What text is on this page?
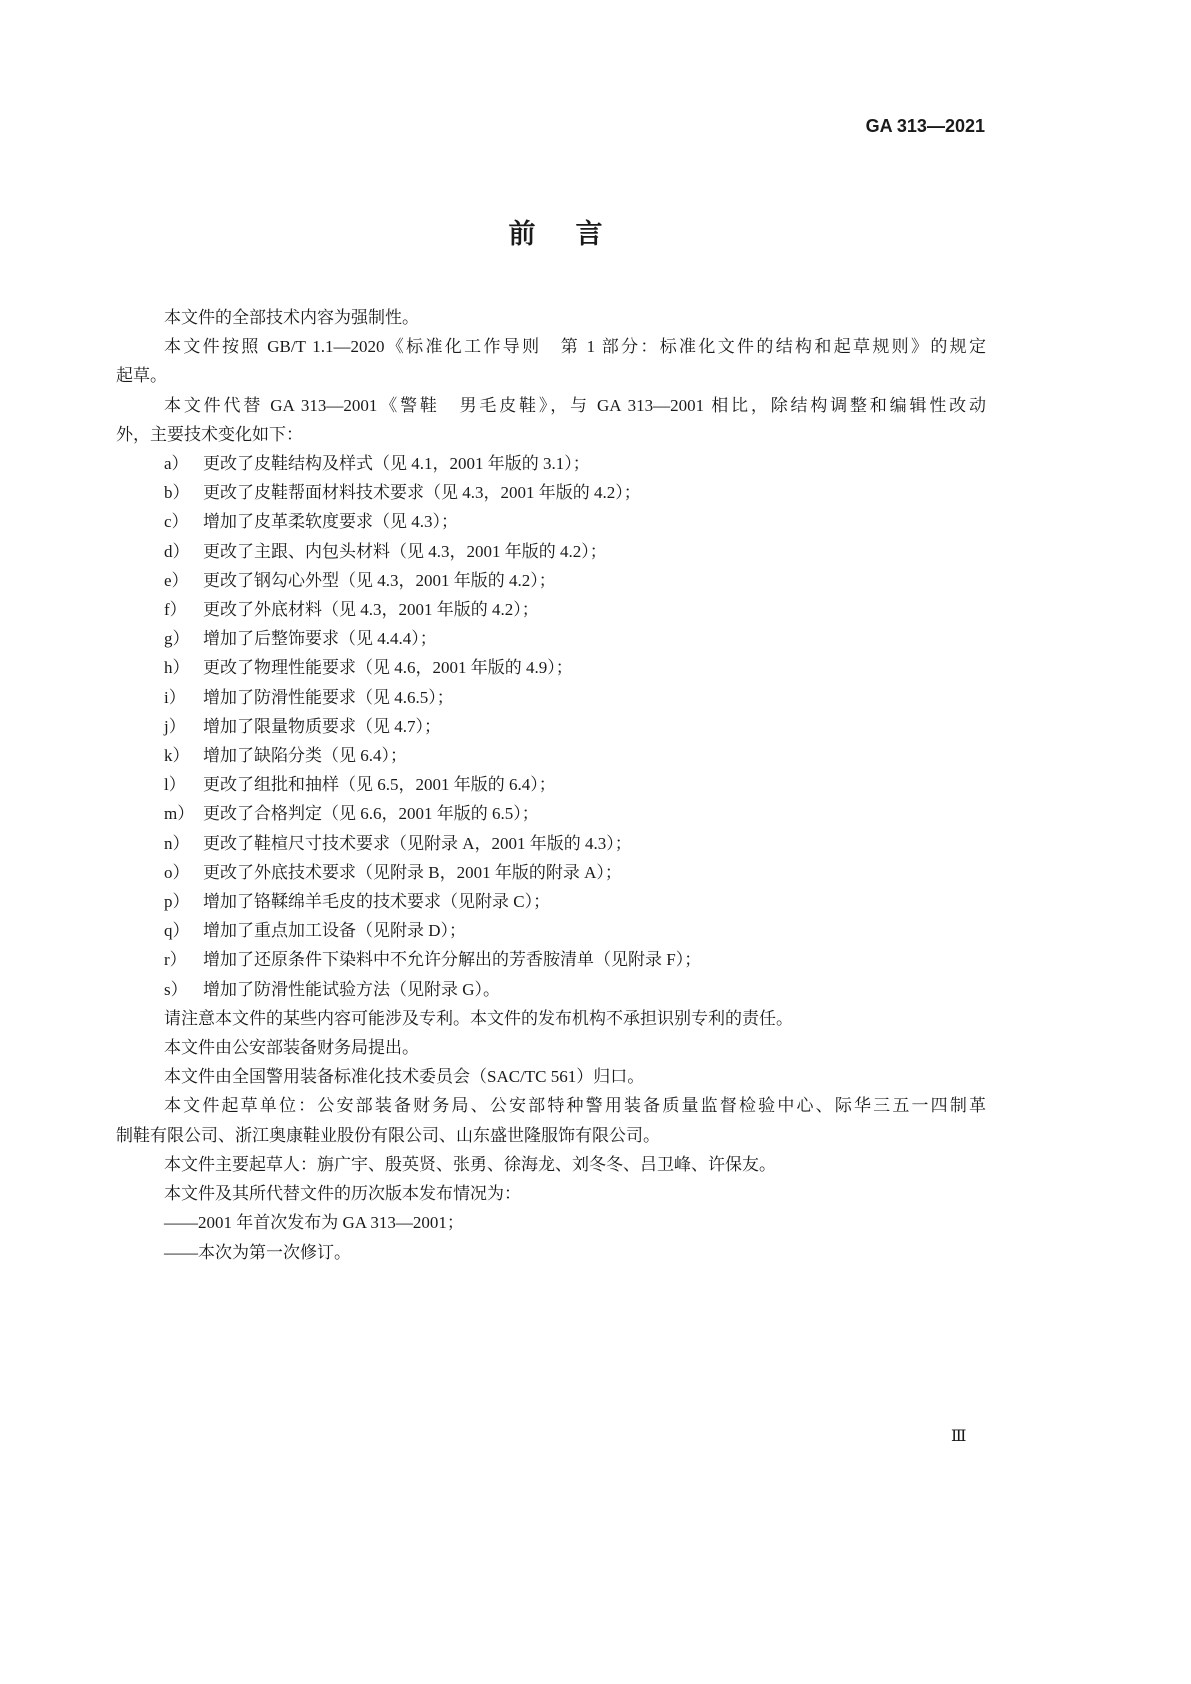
GA 313—2021
前言

本文件的全部技术内容为强制性。

本文件按照 GB/T 1.1—2020《标准化工作导则　第 1 部分：标准化文件的结构和起草规则》的规定
起草。

本文件代替 GA 313—2001《警鞋　男毛皮鞋》，与 GA 313—2001 相比，除结构调整和编辑性改动
外，主要技术变化如下：

a） 更改了皮鞋结构及样式（见 4.1，2001 年版的 3.1）；
b） 更改了皮鞋帮面材料技术要求（见 4.3，2001 年版的 4.2）；
c） 增加了皮革柔软度要求（见 4.3）；
d） 更改了主跟、内包头材料（见 4.3，2001 年版的 4.2）；
e） 更改了钢勾心外型（见 4.3，2001 年版的 4.2）；
f） 更改了外底材料（见 4.3，2001 年版的 4.2）；
g） 增加了后整饰要求（见 4.4.4）；
h） 更改了物理性能要求（见 4.6，2001 年版的 4.9）；
i）	增加了防滑性能要求（见 4.6.5）；
j）	增加了限量物质要求（见 4.7）；
k） 增加了缺陷分类（见 6.4）；
l）	更改了组批和抽样（见 6.5，2001 年版的 6.4）；
m） 更改了合格判定（见 6.6，2001 年版的 6.5）；
n） 更改了鞋楦尺寸技术要求（见附录 A，2001 年版的 4.3）；
o） 更改了外底技术要求（见附录 B，2001 年版的附录 A）；
p） 增加了铬鞣绵羊毛皮的技术要求（见附录 C）；
q） 增加了重点加工设备（见附录 D）；
r） 增加了还原条件下染料中不允许分解出的芳香胺清单（见附录 F）；
s） 增加了防滑性能试验方法（见附录 G）。

请注意本文件的某些内容可能涉及专利。本文件的发布机构不承担识别专利的责任。

本文件由公安部装备财务局提出。

本文件由全国警用装备标准化技术委员会（SAC/TC 561）归口。

本文件起草单位：公安部装备财务局、公安部特种警用装备质量监督检验中心、际华三五一四制革
制鞋有限公司、浙江奥康鞋业股份有限公司、山东盛世隆服饰有限公司。

本文件主要起草人：旃广宇、殷英贤、张勇、徐海龙、刘冬冬、吕卫峰、许保友。

本文件及其所代替文件的历次版本发布情况为：

——2001 年首次发布为 GA 313—2001；
——本次为第一次修订。
Ⅲ
